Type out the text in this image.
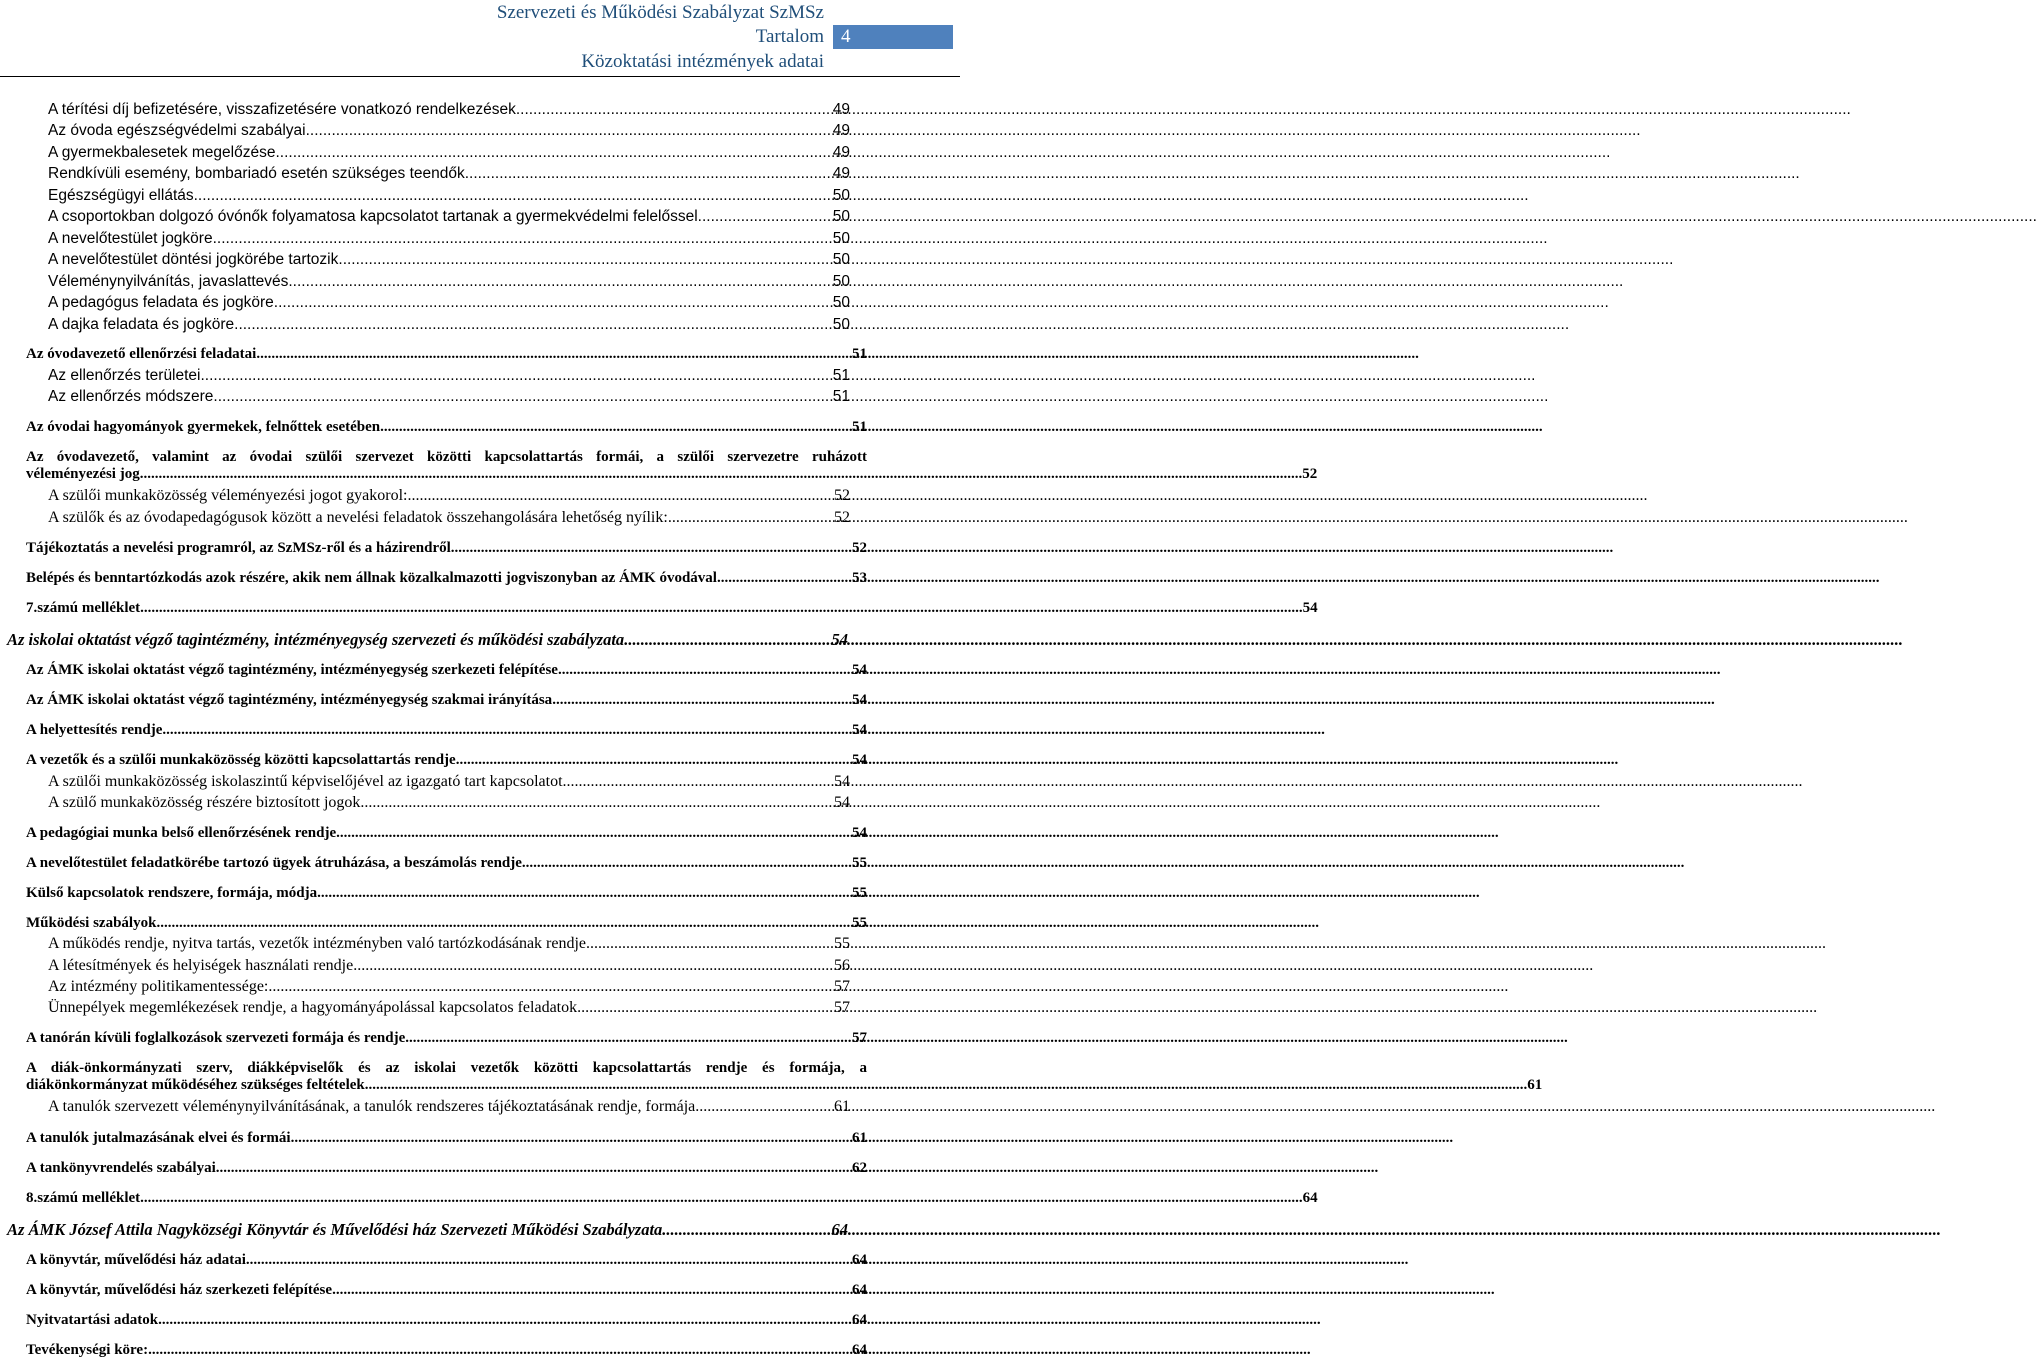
Szervezeti és Működési Szabályzat SzMSz
Tartalom
Közoktatási intézmények adatai
4
A térítési díj befizetésére, visszafizetésére vonatkozó rendelkezések .....	49
Az óvoda egészségvédelmi szabályai .....	49
A gyermekbalesetek megelőzése .....	49
Rendkívüli esemény, bombariadó esetén szükséges teendők .....	49
Egészségügyi ellátás .....	50
A csoportokban dolgozó óvónők folyamatosa kapcsolatot tartanak a gyermekvédelmi felelőssel. .....	50
A nevelőtestület jogköre .....	50
A nevelőtestület döntési jogkörébe tartozik .....	50
Véleménynyilvánítás, javaslattevés .....	50
A pedagógus feladata és jogköre .....	50
A dajka feladata és jogköre .....	50
Az óvodavezető ellenőrzési feladatai .....	51
Az ellenőrzés területei .....	51
Az ellenőrzés módszere .....	51
Az óvodai hagyományok gyermekek, felnőttek esetében .....	51
Az óvodavezető, valamint az óvodai szülői szervezet közötti kapcsolattartás formái, a szülői szervezetre ruházott
véleményezési jog .....	52
A szülői munkaközösség véleményezési jogot gyakorol: .....	52
A szülők és az óvodapedagógusok között a nevelési feladatok összehangolására lehetőség nyílik: .....	52
Tájékoztatás a nevelési programról, az SzMSz-ről és a házirendről .....	52
Belépés és benntartózkodás azok részére, akik nem állnak közalkalmazotti jogviszonyban az ÁMK óvodával .....	53
7. számú melléklet .....	54
Az iskolai oktatást végző tagintézmény, intézményegység szervezeti és működési szabályzata .....	54
Az ÁMK iskolai oktatást végző tagintézmény, intézményegység szerkezeti felépítése .....	54
Az ÁMK iskolai oktatást végző tagintézmény, intézményegység szakmai irányítása .....	54
A helyettesítés rendje .....	54
A vezetők és a szülői munkaközösség közötti kapcsolattartás rendje .....	54
A szülői munkaközösség iskolaszintű képviselőjével az igazgató tart kapcsolatot .....	54
A szülő munkaközösség részére biztosított jogok .....	54
A pedagógiai munka belső ellenőrzésének rendje .....	54
A nevelőtestület feladatkörébe tartozó ügyek átruházása, a beszámolás rendje .....	55
Külső kapcsolatok rendszere, formája, módja .....	55
Működési szabályok .....	55
A működés rendje, nyitva tartás, vezetők intézményben való tartózkodásának rendje .....	55
A létesítmények és helyiségek használati rendje .....	56
Az intézmény politikamentessége: .....	57
Ünnepélyek megemlékezések rendje, a hagyományápolással kapcsolatos feladatok .....	57
A tanórán kívüli foglalkozások szervezeti formája és rendje .....	57
A diák-önkormányzati szerv, diákképviselők és az iskolai vezetők közötti kapcsolattartás rendje és formája, a
diákönkormányzat működéséhez szükséges feltételek .....	61
A tanulók szervezett véleménynyilvánításának, a tanulók rendszeres tájékoztatásának rendje, formája .....	61
A tanulók jutalmazásának elvei és formái .....	61
A tankönyvrendelés szabályai .....	62
8. számú melléklet .....	64
Az ÁMK József Attila Nagyközségi Könyvtár és Művelődési ház Szervezeti Működési Szabályzata .....	64
A könyvtár, művelődési ház adatai .....	64
A könyvtár, művelődési ház szerkezeti felépítése .....	64
Nyitvatartási adatok .....	64
Tevékenységi köre: .....	64
